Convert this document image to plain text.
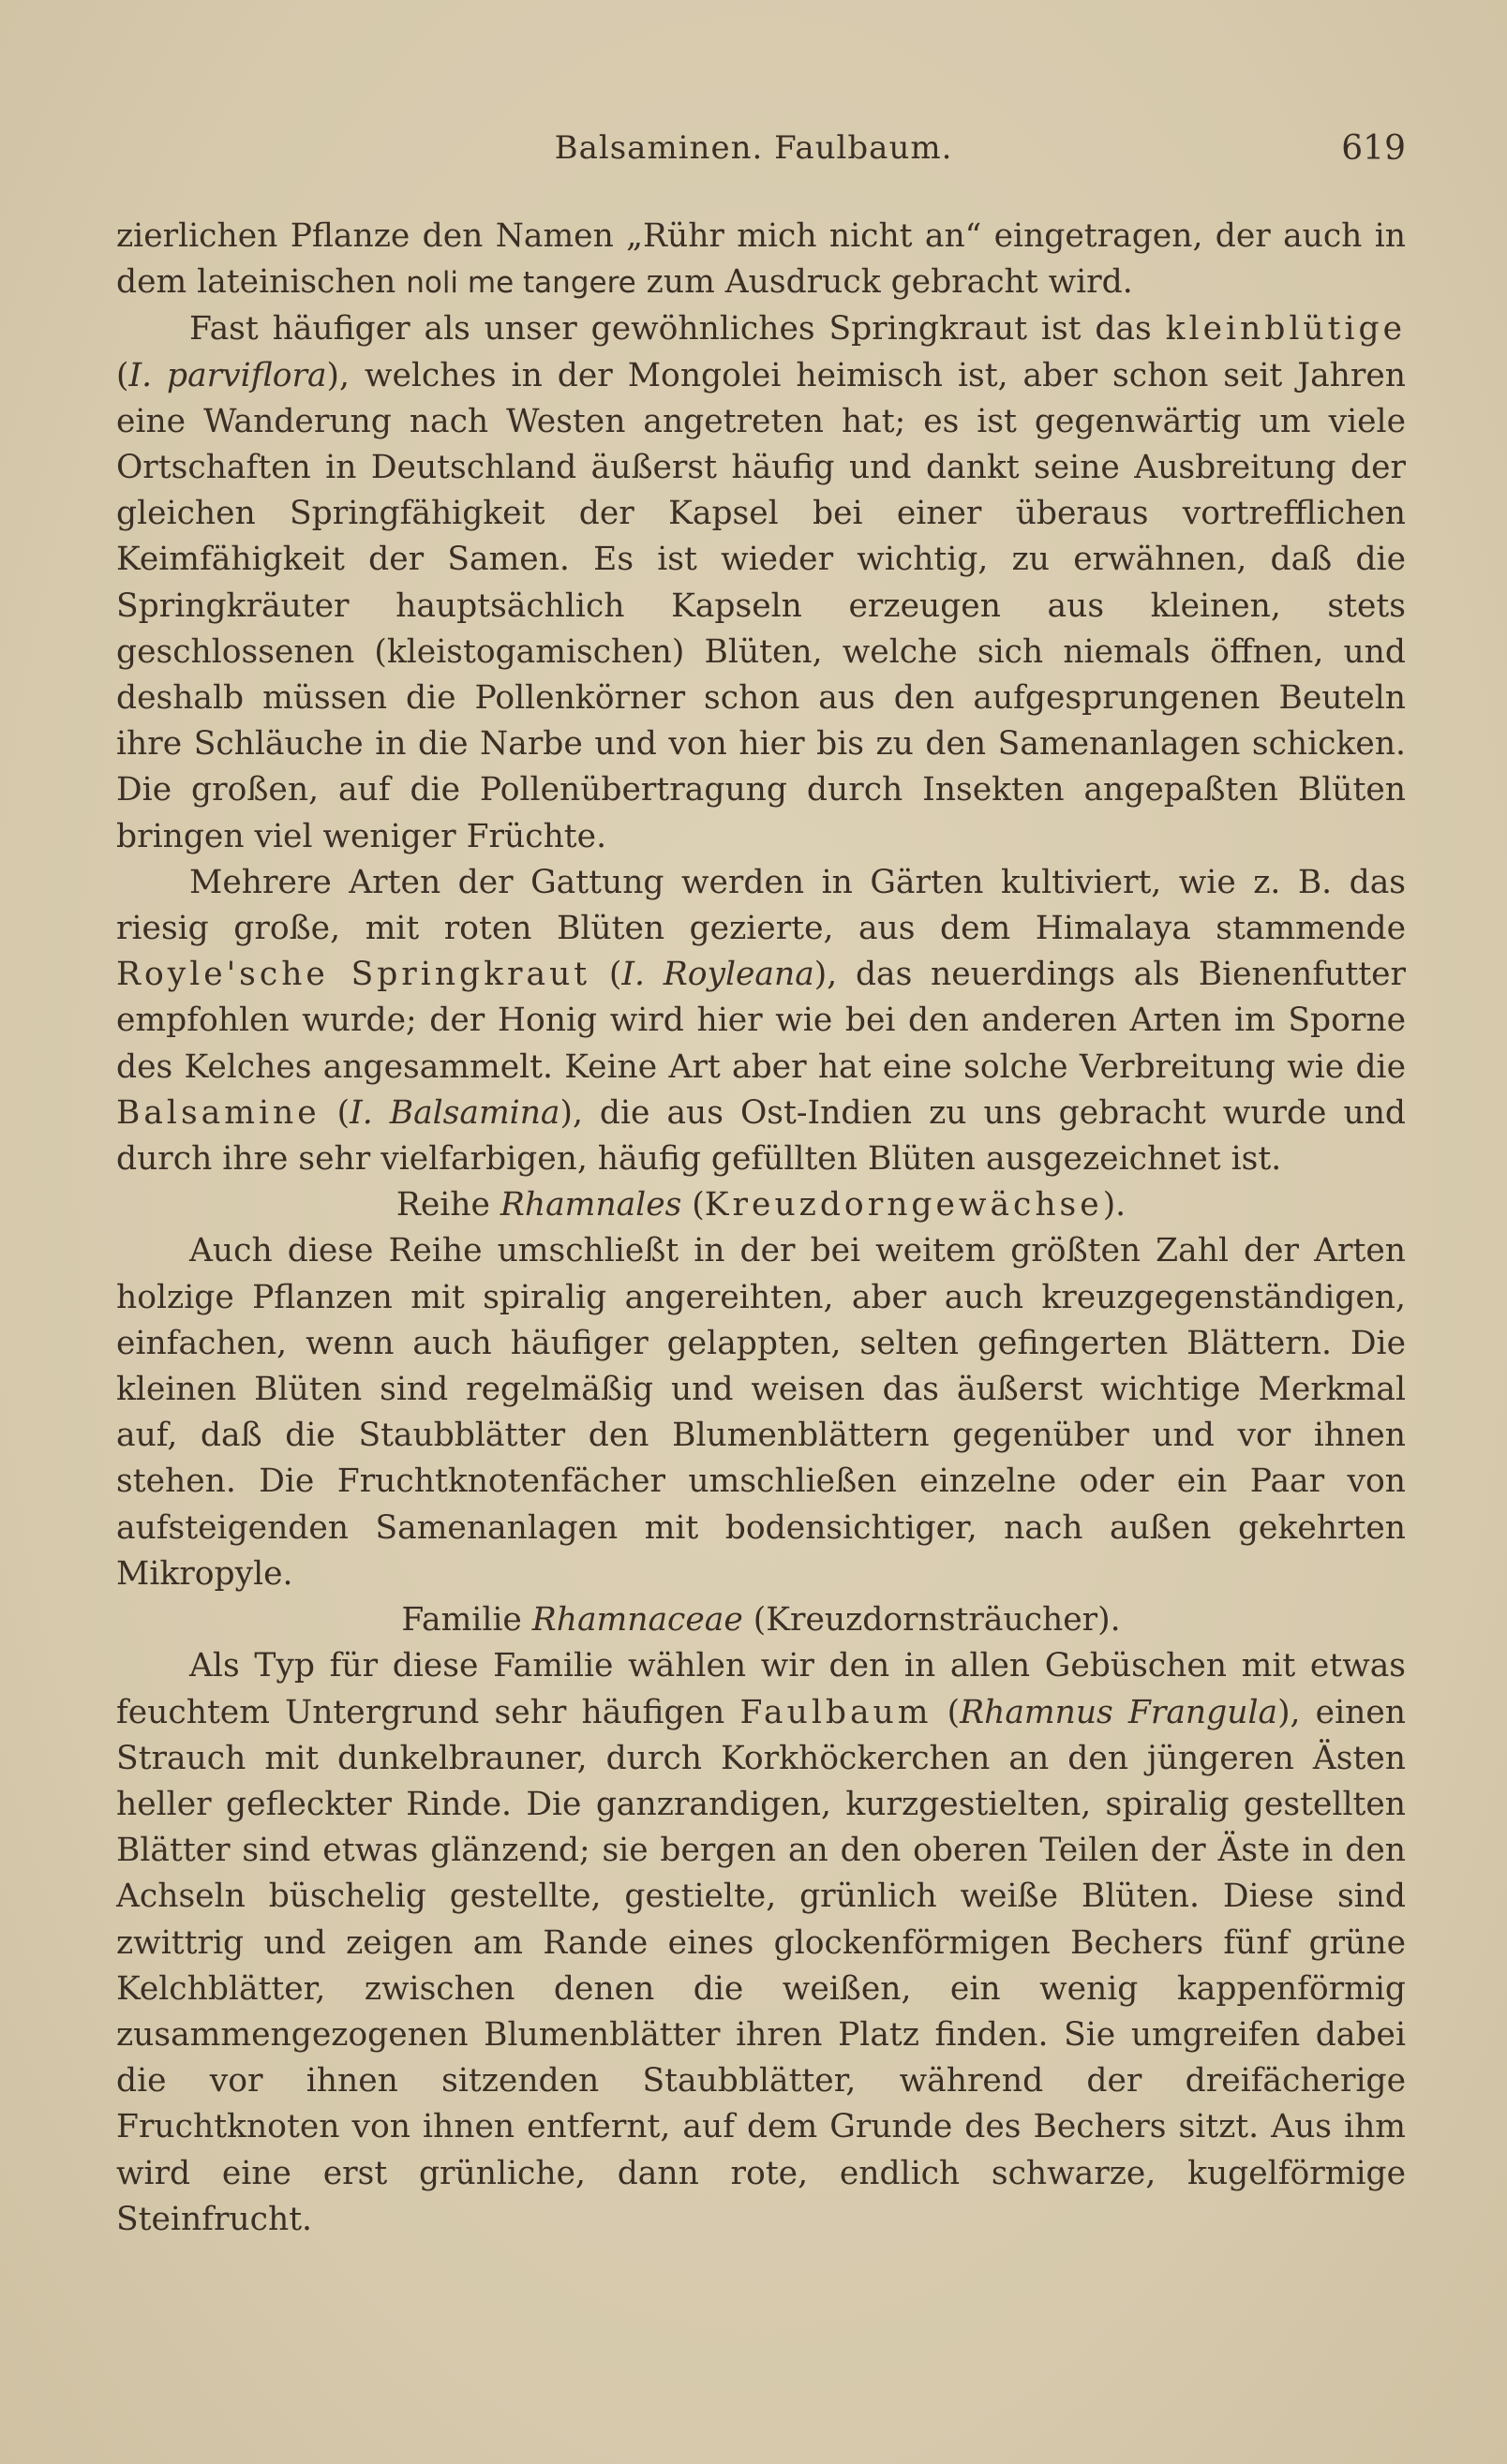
Balsaminen. Faulbaum.	619

zierlichen Pflanze den Namen „Rühr mich nicht an“ eingetragen, der auch in dem lateinischen noli me tangere zum Ausdruck gebracht wird.

Fast häufiger als unser gewöhnliches Springkraut ist das kleinblütige (I. parviflora), welches in der Mongolei heimisch ist, aber schon seit Jahren eine Wanderung nach Westen angetreten hat; es ist gegenwärtig um viele Ortschaften in Deutschland äußerst häufig und dankt seine Ausbreitung der gleichen Springfähigkeit der Kapsel bei einer überaus vortrefflichen Keimfähigkeit der Samen. Es ist wieder wichtig, zu erwähnen, daß die Springkräuter hauptsächlich Kapseln erzeugen aus kleinen, stets geschlossenen (kleistogamischen) Blüten, welche sich niemals öffnen, und deshalb müssen die Pollenkörner schon aus den aufgesprungenen Beuteln ihre Schläuche in die Narbe und von hier bis zu den Samenanlagen schicken. Die großen, auf die Pollenübertragung durch Insekten angepaßten Blüten bringen viel weniger Früchte.

Mehrere Arten der Gattung werden in Gärten kultiviert, wie z. B. das riesig große, mit roten Blüten gezierte, aus dem Himalaya stammende Royle'sche Springkraut (I. Royleana), das neuerdings als Bienenfutter empfohlen wurde; der Honig wird hier wie bei den anderen Arten im Sporne des Kelches angesammelt. Keine Art aber hat eine solche Verbreitung wie die Balsamine (I. Balsamina), die aus Ost-Indien zu uns gebracht wurde und durch ihre sehr vielfarbigen, häufig gefüllten Blüten ausgezeichnet ist.

Reihe Rhamnales (Kreuzdorngewächse).

Auch diese Reihe umschließt in der bei weitem größten Zahl der Arten holzige Pflanzen mit spiralig angereihten, aber auch kreuzgegenständigen, einfachen, wenn auch häufiger gelappten, selten gefingerten Blättern. Die kleinen Blüten sind regelmäßig und weisen das äußerst wichtige Merkmal auf, daß die Staubblätter den Blumenblättern gegenüber und vor ihnen stehen. Die Fruchtknotenfächer umschließen einzelne oder ein Paar von aufsteigenden Samenanlagen mit bodensichtiger, nach außen gekehrten Mikropyle.

Familie Rhamnaceae (Kreuzdornsträucher).

Als Typ für diese Familie wählen wir den in allen Gebüschen mit etwas feuchtem Untergrund sehr häufigen Faulbaum (Rhamnus Frangula), einen Strauch mit dunkelbrauner, durch Korkhöckerchen an den jüngeren Ästen heller gefleckter Rinde. Die ganzrandigen, kurzgestielten, spiralig gestellten Blätter sind etwas glänzend; sie bergen an den oberen Teilen der Äste in den Achseln büschelig gestellte, gestielte, grünlich weiße Blüten. Diese sind zwittrig und zeigen am Rande eines glockenförmigen Bechers fünf grüne Kelchblätter, zwischen denen die weißen, ein wenig kappenförmig zusammengezogenen Blumenblätter ihren Platz finden. Sie umgreifen dabei die vor ihnen sitzenden Staubblätter, während der dreifächerige Fruchtknoten von ihnen entfernt, auf dem Grunde des Bechers sitzt. Aus ihm wird eine erst grünliche, dann rote, endlich schwarze, kugelförmige Steinfrucht.
